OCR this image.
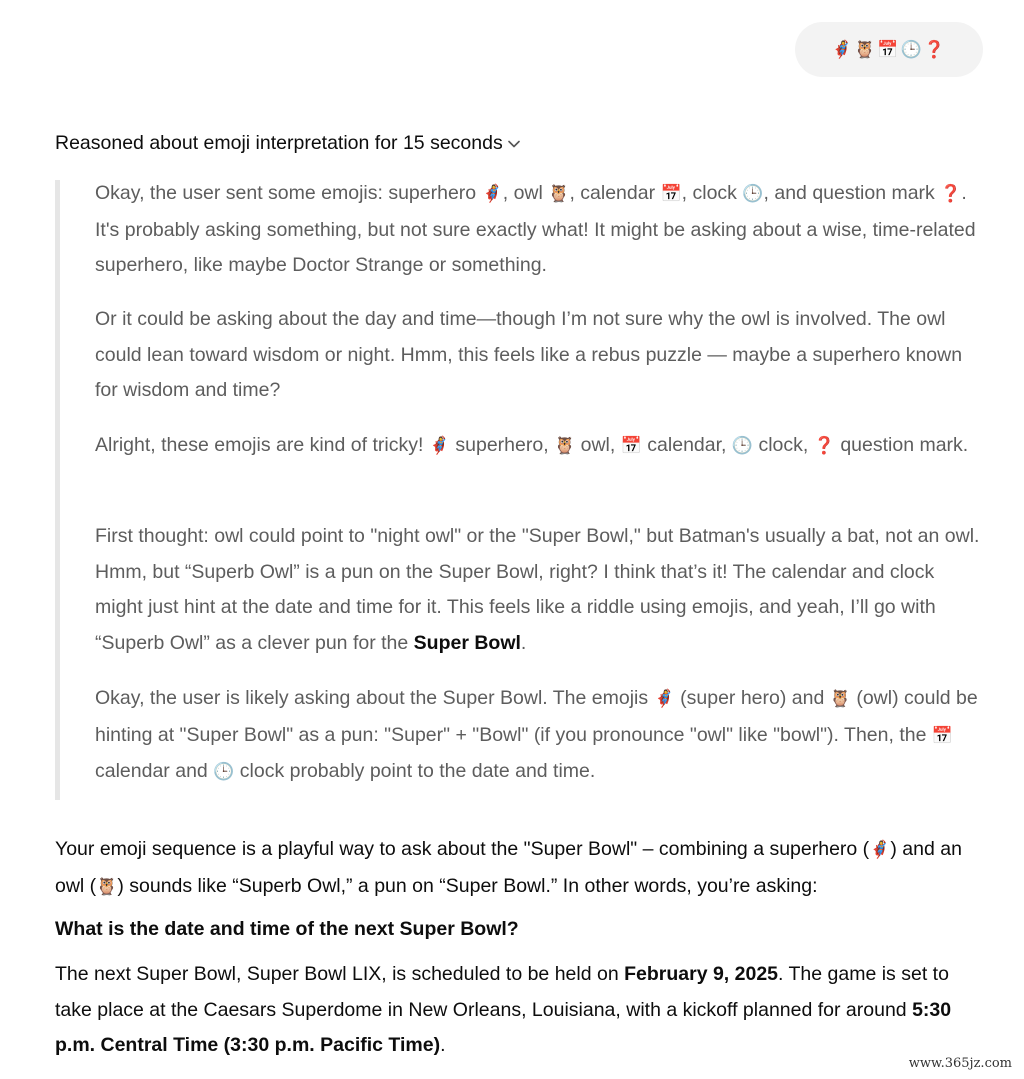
🦸‍♀️ 🦉 📅 🕒 ❓
Reasoned about emoji interpretation for 15 seconds

Okay, the user sent some emojis: superhero 🦸‍♀️, owl 🦉, calendar 📅, clock 🕒, and question mark ❓. It's probably asking something, but not sure exactly what! It might be asking about a wise, time-related superhero, like maybe Doctor Strange or something.

Or it could be asking about the day and time—though I’m not sure why the owl is involved. The owl could lean toward wisdom or night. Hmm, this feels like a rebus puzzle — maybe a superhero known for wisdom and time?

Alright, these emojis are kind of tricky! 🦸‍♀️ superhero, 🦉 owl, 📅 calendar, 🕒 clock, ❓ question mark.

First thought: owl could point to "night owl" or the "Super Bowl," but Batman's usually a bat, not an owl. Hmm, but “Superb Owl” is a pun on the Super Bowl, right? I think that’s it! The calendar and clock might just hint at the date and time for it. This feels like a riddle using emojis, and yeah, I’ll go with “Superb Owl” as a clever pun for the Super Bowl.

Okay, the user is likely asking about the Super Bowl. The emojis 🦸‍♀️ (super hero) and 🦉 (owl) could be hinting at "Super Bowl" as a pun: "Super" + "Bowl" (if you pronounce "owl" like "bowl"). Then, the 📅 calendar and 🕒 clock probably point to the date and time.

Your emoji sequence is a playful way to ask about the "Super Bowl" – combining a superhero (🦸‍♀️) and an owl (🦉) sounds like “Superb Owl,” a pun on “Super Bowl.” In other words, you’re asking:

What is the date and time of the next Super Bowl?

The next Super Bowl, Super Bowl LIX, is scheduled to be held on February 9, 2025. The game is set to take place at the Caesars Superdome in New Orleans, Louisiana, with a kickoff planned for around 5:30 p.m. Central Time (3:30 p.m. Pacific Time).

www.365jz.com
